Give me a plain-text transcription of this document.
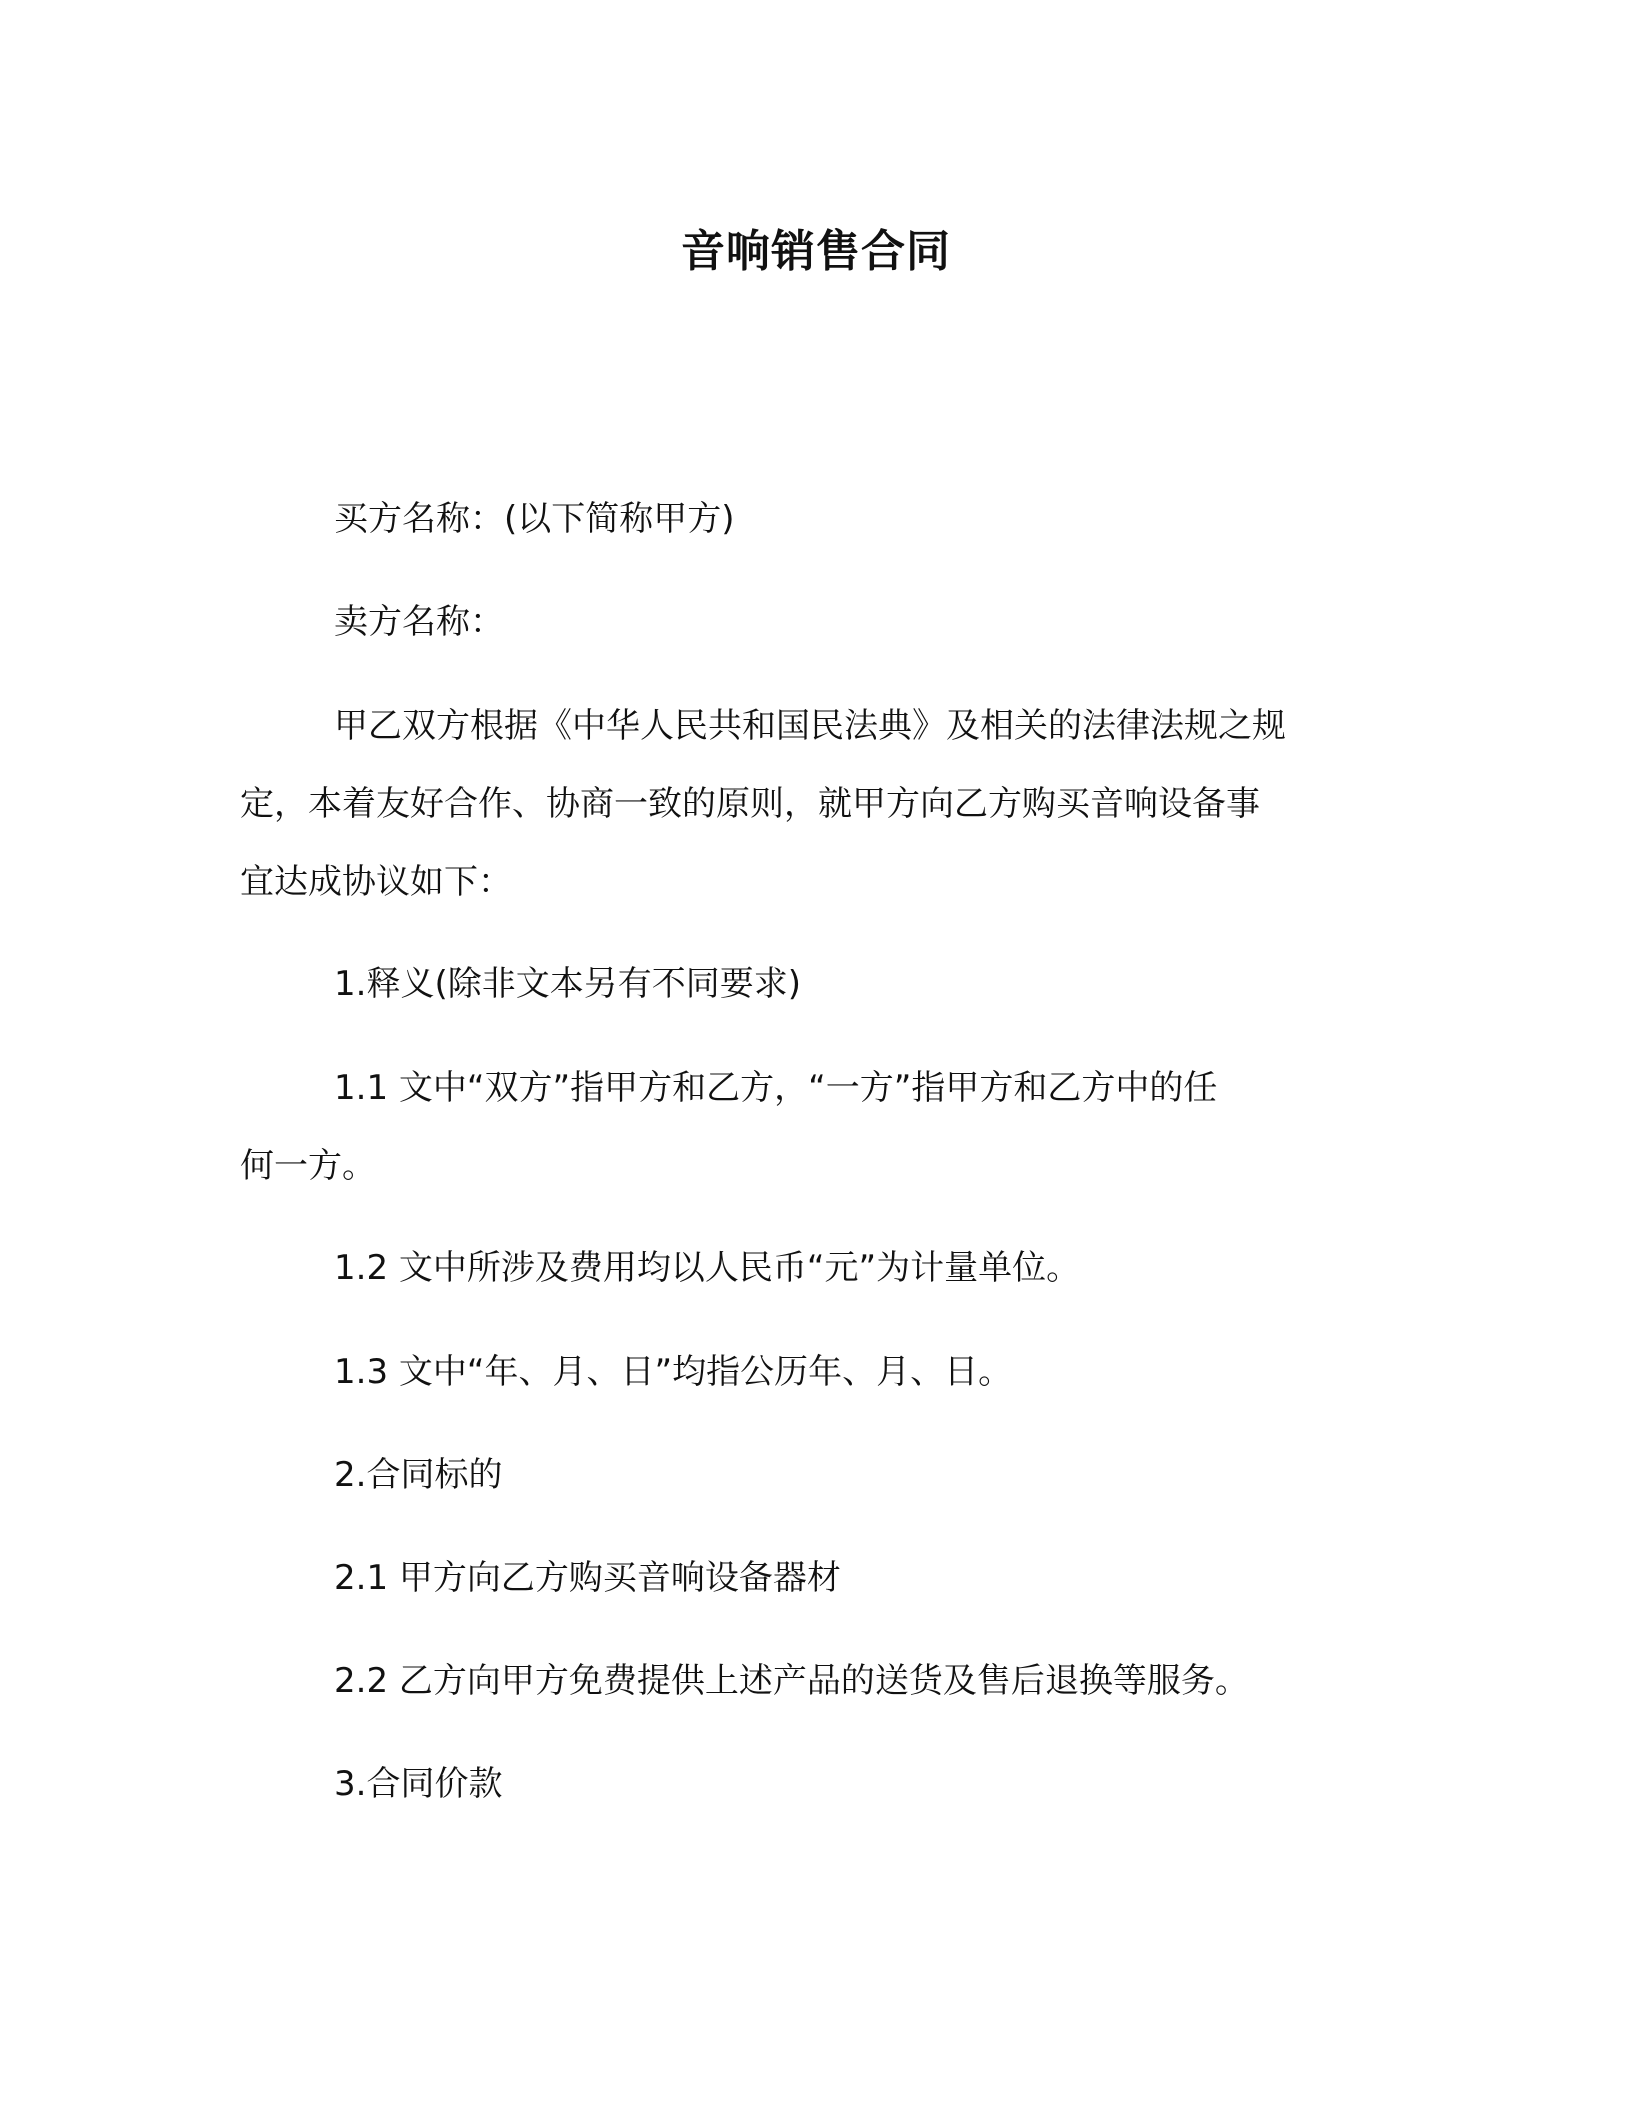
音响销售合同
买方名称：(以下简称甲方)
卖方名称：
甲乙双方根据《中华人民共和国民法典》及相关的法律法规之规
定，本着友好合作、协商一致的原则，就甲方向乙方购买音响设备事
宜达成协议如下：
1.释义(除非文本另有不同要求)
1.1 文中“双方”指甲方和乙方，“一方”指甲方和乙方中的任
何一方。
1.2 文中所涉及费用均以人民币“元”为计量单位。
1.3 文中“年、月、日”均指公历年、月、日。
2.合同标的
2.1 甲方向乙方购买音响设备器材
2.2 乙方向甲方免费提供上述产品的送货及售后退换等服务。
3.合同价款
